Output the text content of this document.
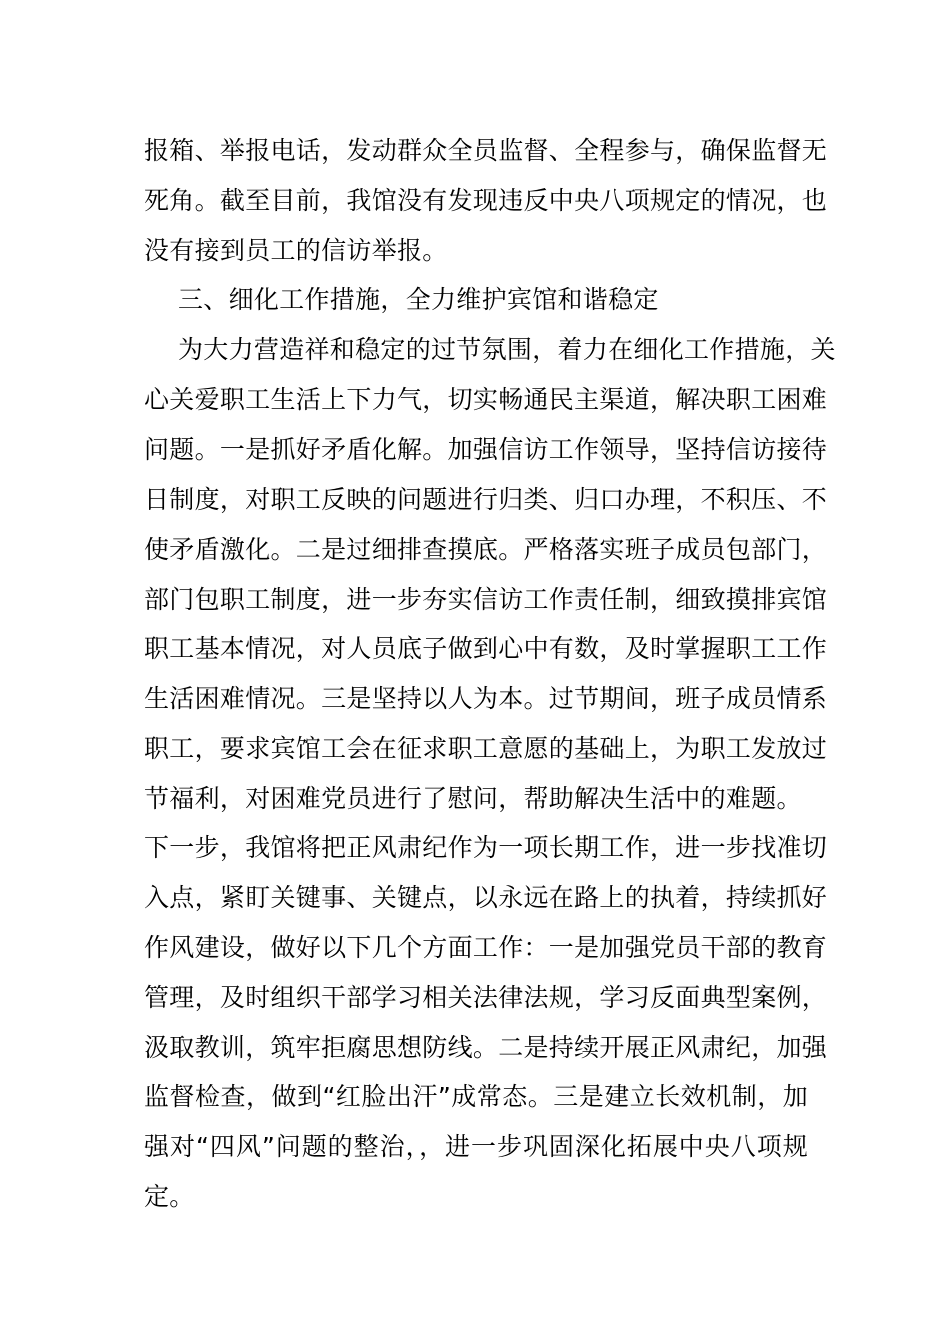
报箱、举报电话，发动群众全员监督、全程参与，确保监督无
死角。截至目前，我馆没有发现违反中央八项规定的情况，也
没有接到员工的信访举报。
三、细化工作措施，全力维护宾馆和谐稳定
为大力营造祥和稳定的过节氛围，着力在细化工作措施，关
心关爱职工生活上下力气，切实畅通民主渠道，解决职工困难
问题。一是抓好矛盾化解。加强信访工作领导，坚持信访接待
日制度，对职工反映的问题进行归类、归口办理，不积压、不
使矛盾激化。二是过细排查摸底。严格落实班子成员包部门，
部门包职工制度，进一步夯实信访工作责任制，细致摸排宾馆
职工基本情况，对人员底子做到心中有数，及时掌握职工工作
生活困难情况。三是坚持以人为本。过节期间，班子成员情系
职工，要求宾馆工会在征求职工意愿的基础上，为职工发放过
节福利，对困难党员进行了慰问，帮助解决生活中的难题。
下一步，我馆将把正风肃纪作为一项长期工作，进一步找准切
入点，紧盯关键事、关键点，以永远在路上的执着，持续抓好
作风建设，做好以下几个方面工作：一是加强党员干部的教育
管理，及时组织干部学习相关法律法规，学习反面典型案例，
汲取教训，筑牢拒腐思想防线。二是持续开展正风肃纪，加强
监督检查，做到“红脸出汗”成常态。三是建立长效机制，加
强对“四风”问题的整治，，进一步巩固深化拓展中央八项规
定。
